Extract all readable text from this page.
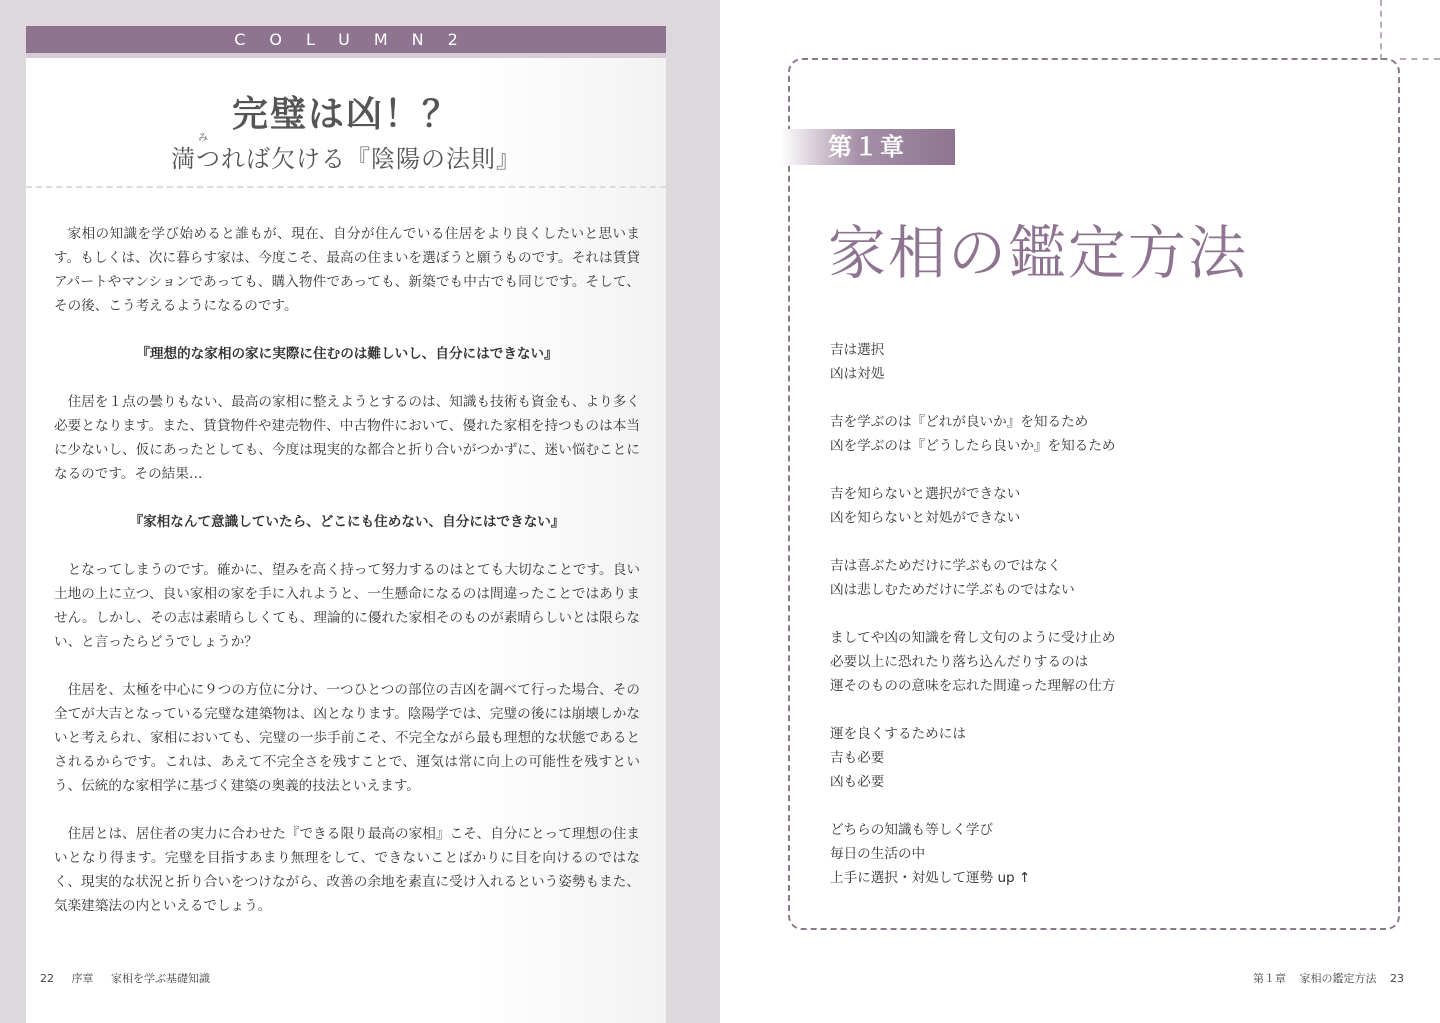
COLUMN2
完璧は凶！？
み
満つれば欠ける『陰陽の法則』

家相の知識を学び始めると誰もが、現在、自分が住んでいる住居をより良くしたいと思います。もしくは、次に暮らす家は、今度こそ、最高の住まいを選ぼうと願うものです。それは賃貸アパートやマンションであっても、購入物件であっても、新築でも中古でも同じです。そして、その後、こう考えるようになるのです。

『理想的な家相の家に実際に住むのは難しいし、自分にはできない』

住居を１点の曇りもない、最高の家相に整えようとするのは、知識も技術も資金も、より多く必要となります。また、賃貸物件や建売物件、中古物件において、優れた家相を持つものは本当に少ないし、仮にあったとしても、今度は現実的な都合と折り合いがつかずに、迷い悩むことになるのです。その結果…

『家相なんて意識していたら、どこにも住めない、自分にはできない』

となってしまうのです。確かに、望みを高く持って努力するのはとても大切なことです。良い土地の上に立つ、良い家相の家を手に入れようと、一生懸命になるのは間違ったことではありません。しかし、その志は素晴らしくても、理論的に優れた家相そのものが素晴らしいとは限らない、と言ったらどうでしょうか？

住居を、太極を中心に９つの方位に分け、一つひとつの部位の吉凶を調べて行った場合、その全てが大吉となっている完璧な建築物は、凶となります。陰陽学では、完璧の後には崩壊しかないと考えられ、家相においても、完璧の一歩手前こそ、不完全ながら最も理想的な状態であるとされるからです。これは、あえて不完全さを残すことで、運気は常に向上の可能性を残すという、伝統的な家相学に基づく建築の奥義的技法といえます。

住居とは、居住者の実力に合わせた『できる限り最高の家相』こそ、自分にとって理想の住まいとなり得ます。完璧を目指すあまり無理をして、できないことばかりに目を向けるのではなく、現実的な状況と折り合いをつけながら、改善の余地を素直に受け入れるという姿勢もまた、気楽建築法の内といえるでしょう。

22 序章 家相を学ぶ基礎知識
第１章
家相の鑑定方法
吉は選択
凶は対処
吉を学ぶのは『どれが良いか』を知るため
凶を学ぶのは『どうしたら良いか』を知るため
吉を知らないと選択ができない
凶を知らないと対処ができない
吉は喜ぶためだけに学ぶものではなく
凶は悲しむためだけに学ぶものではない
ましてや凶の知識を脅し文句のように受け止め
必要以上に恐れたり落ち込んだりするのは
運そのものの意味を忘れた間違った理解の仕方
運を良くするためには
吉も必要
凶も必要
どちらの知識も等しく学び
毎日の生活の中
上手に選択・対処して運勢 up ↑
第１章 家相の鑑定方法 23
